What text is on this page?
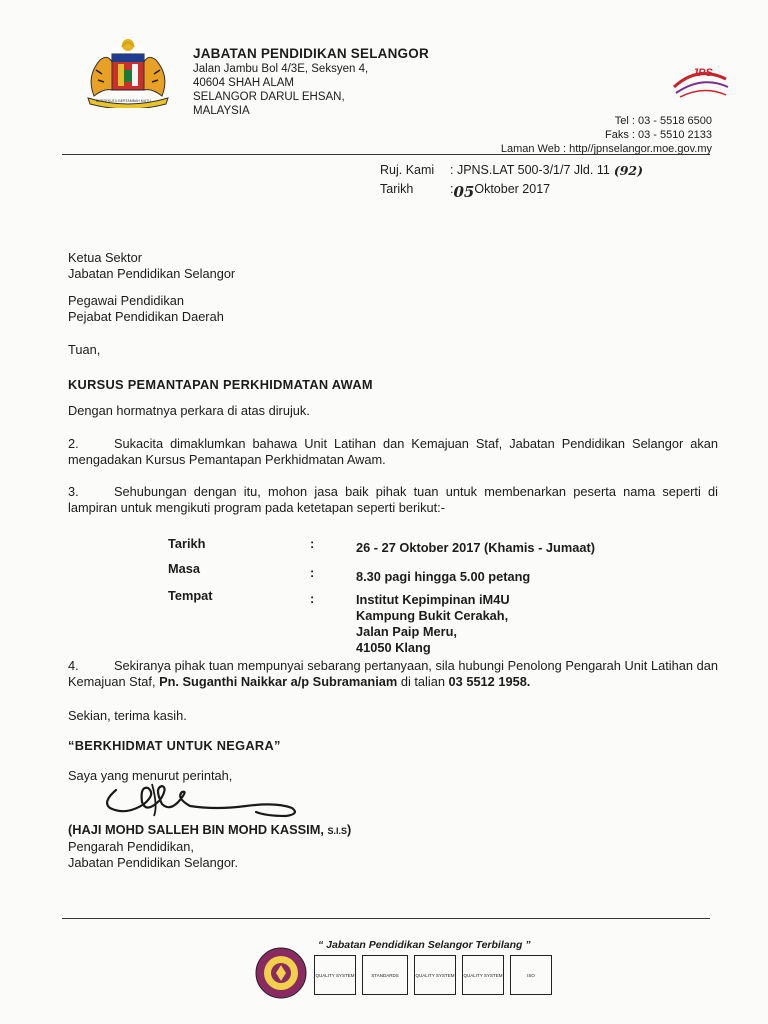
BERSEKUTU BERTAMBAH MUTU
JABATAN PENDIDIKAN SELANGOR
Jalan Jambu Bol 4/3E, Seksyen 4,
40604 SHAH ALAM
SELANGOR DARUL EHSAN,
MALAYSIA
JPS
Tel : 03 - 5518 6500
Faks : 03 - 5510 2133
Laman Web : http//jpnselangor.moe.gov.my
Ruj. Kami	: JPNS.LAT 500-3/1/7 Jld. 11 (92)
Tarikh	: 05 Oktober 2017
Ketua Sektor
Jabatan Pendidikan Selangor
Pegawai Pendidikan
Pejabat Pendidikan Daerah
Tuan,
KURSUS PEMANTAPAN PERKHIDMATAN AWAM
Dengan hormatnya perkara di atas dirujuk.
2.	Sukacita dimaklumkan bahawa Unit Latihan dan Kemajuan Staf, Jabatan Pendidikan Selangor akan mengadakan Kursus Pemantapan Perkhidmatan Awam.
3.	Sehubungan dengan itu, mohon jasa baik pihak tuan untuk membenarkan peserta nama seperti di lampiran untuk mengikuti program pada ketetapan seperti berikut:-
Tarikh	:	26 - 27 Oktober 2017 (Khamis - Jumaat)
Masa	:	8.30 pagi hingga 5.00 petang
Tempat	:	Institut Kepimpinan iM4U
Kampung Bukit Cerakah,
Jalan Paip Meru,
41050 Klang
4.	Sekiranya pihak tuan mempunyai sebarang pertanyaan, sila hubungi Penolong Pengarah Unit Latihan dan Kemajuan Staf, Pn. Suganthi Naikkar a/p Subramaniam di talian 03 5512 1958.
Sekian, terima kasih.
“BERKHIDMAT UNTUK NEGARA”
Saya yang menurut perintah,
(HAJI MOHD SALLEH BIN MOHD KASSIM, S.I.S)
Pengarah Pendidikan,
Jabatan Pendidikan Selangor.
“ Jabatan Pendidikan Selangor Terbilang ”
QUALITY SYSTEM	STANDARDS	QUALITY SYSTEM QUALITY SYSTEM	ISO
